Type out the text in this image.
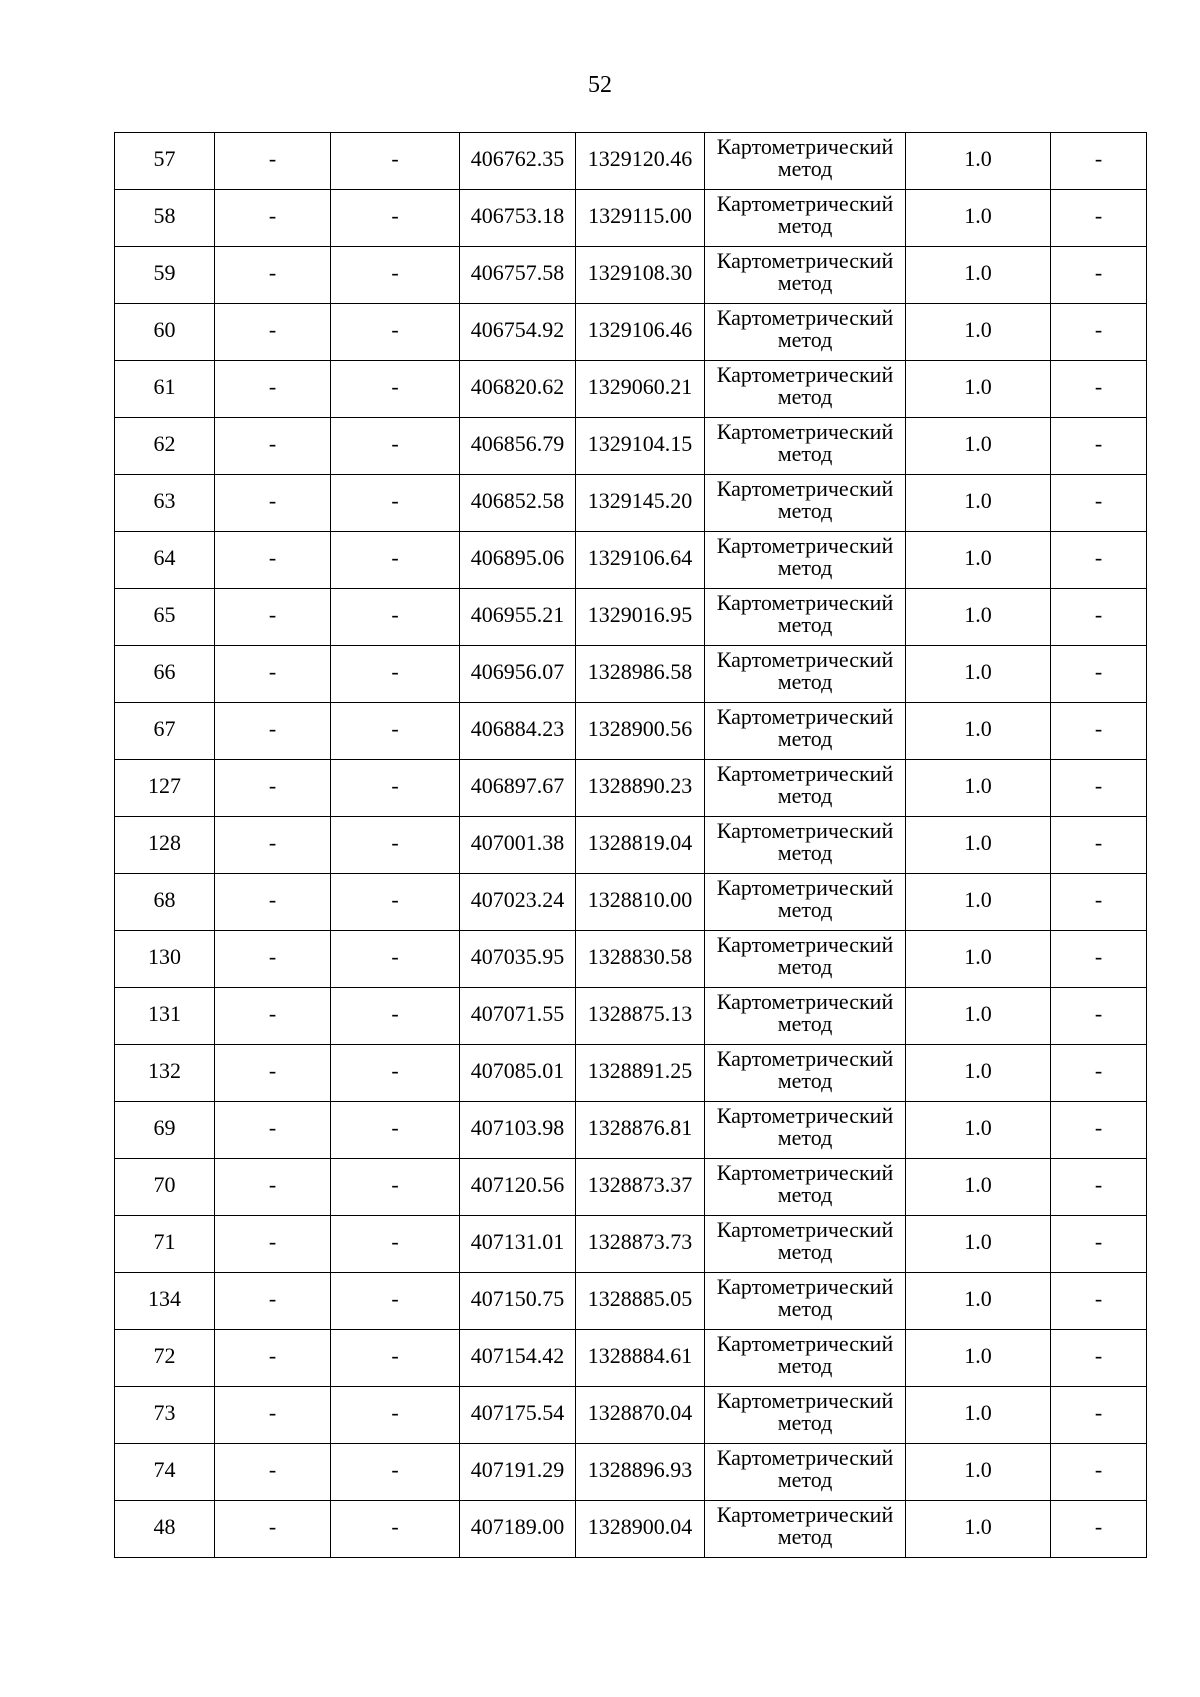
52
57	-	-	406762.35	1329120.46	Картометрический метод	1.0	-

58	-	-	406753.18	1329115.00	Картометрический метод	1.0	-

59	-	-	406757.58	1329108.30	Картометрический метод	1.0	-

60	-	-	406754.92	1329106.46	Картометрический метод	1.0	-

61	-	-	406820.62	1329060.21	Картометрический метод	1.0	-

62	-	-	406856.79	1329104.15	Картометрический метод	1.0	-

63	-	-	406852.58	1329145.20	Картометрический метод	1.0	-

64	-	-	406895.06	1329106.64	Картометрический метод	1.0	-

65	-	-	406955.21	1329016.95	Картометрический метод	1.0	-

66	-	-	406956.07	1328986.58	Картометрический метод	1.0	-

67	-	-	406884.23	1328900.56	Картометрический метод	1.0	-

127	-	-	406897.67	1328890.23	Картометрический метод	1.0	-

128	-	-	407001.38	1328819.04	Картометрический метод	1.0	-

68	-	-	407023.24	1328810.00	Картометрический метод	1.0	-

130	-	-	407035.95	1328830.58	Картометрический метод	1.0	-

131	-	-	407071.55	1328875.13	Картометрический метод	1.0	-

132	-	-	407085.01	1328891.25	Картометрический метод	1.0	-

69	-	-	407103.98	1328876.81	Картометрический метод	1.0	-

70	-	-	407120.56	1328873.37	Картометрический метод	1.0	-

71	-	-	407131.01	1328873.73	Картометрический метод	1.0	-

134	-	-	407150.75	1328885.05	Картометрический метод	1.0	-

72	-	-	407154.42	1328884.61	Картометрический метод	1.0	-

73	-	-	407175.54	1328870.04	Картометрический метод	1.0	-

74	-	-	407191.29	1328896.93	Картометрический метод	1.0	-

48	-	-	407189.00	1328900.04	Картометрический метод	1.0	-
